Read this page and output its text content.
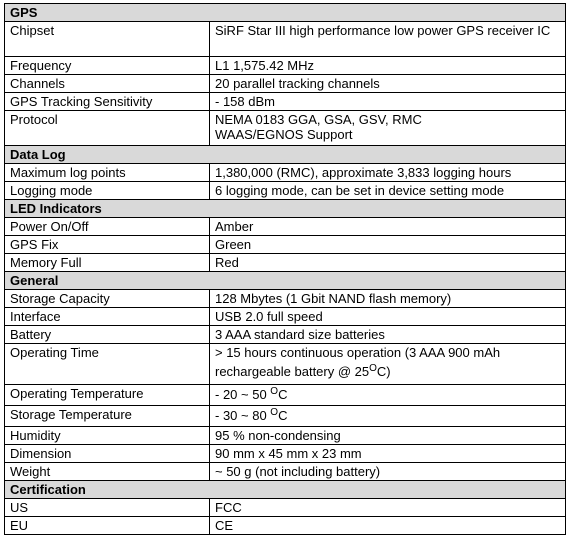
GPS	
Chipset	SiRF Star III high performance low power GPS receiver IC
Frequency	L1 1,575.42 MHz
Channels	20 parallel tracking channels
GPS Tracking Sensitivity	- 158 dBm
Protocol	NEMA 0183 GGA, GSA, GSV, RMC
WAAS/EGNOS Support

Data Log	
Maximum log points	1,380,000 (RMC), approximate 3,833 logging hours
Logging mode	6 logging mode, can be set in device setting mode
LED Indicators	
Power On/Off	Amber
GPS Fix	Green
Memory Full	Red
General	
Storage Capacity	128 Mbytes (1 Gbit NAND flash memory)
Interface	USB 2.0 full speed
Battery	3 AAA standard size batteries
Operating Time	> 15 hours continuous operation (3 AAA 900 mAh
rechargeable battery @ $25^OC$)

Operating Temperature	- 20 ~ 50 $^O$C
Storage Temperature	- 30 ~ 80 $^O$C
Humidity	95 % non-condensing
Dimension	90 mm x 45 mm x 23 mm
Weight	~ 50 g (not including battery)
Certification	
US	FCC
EU	CE
